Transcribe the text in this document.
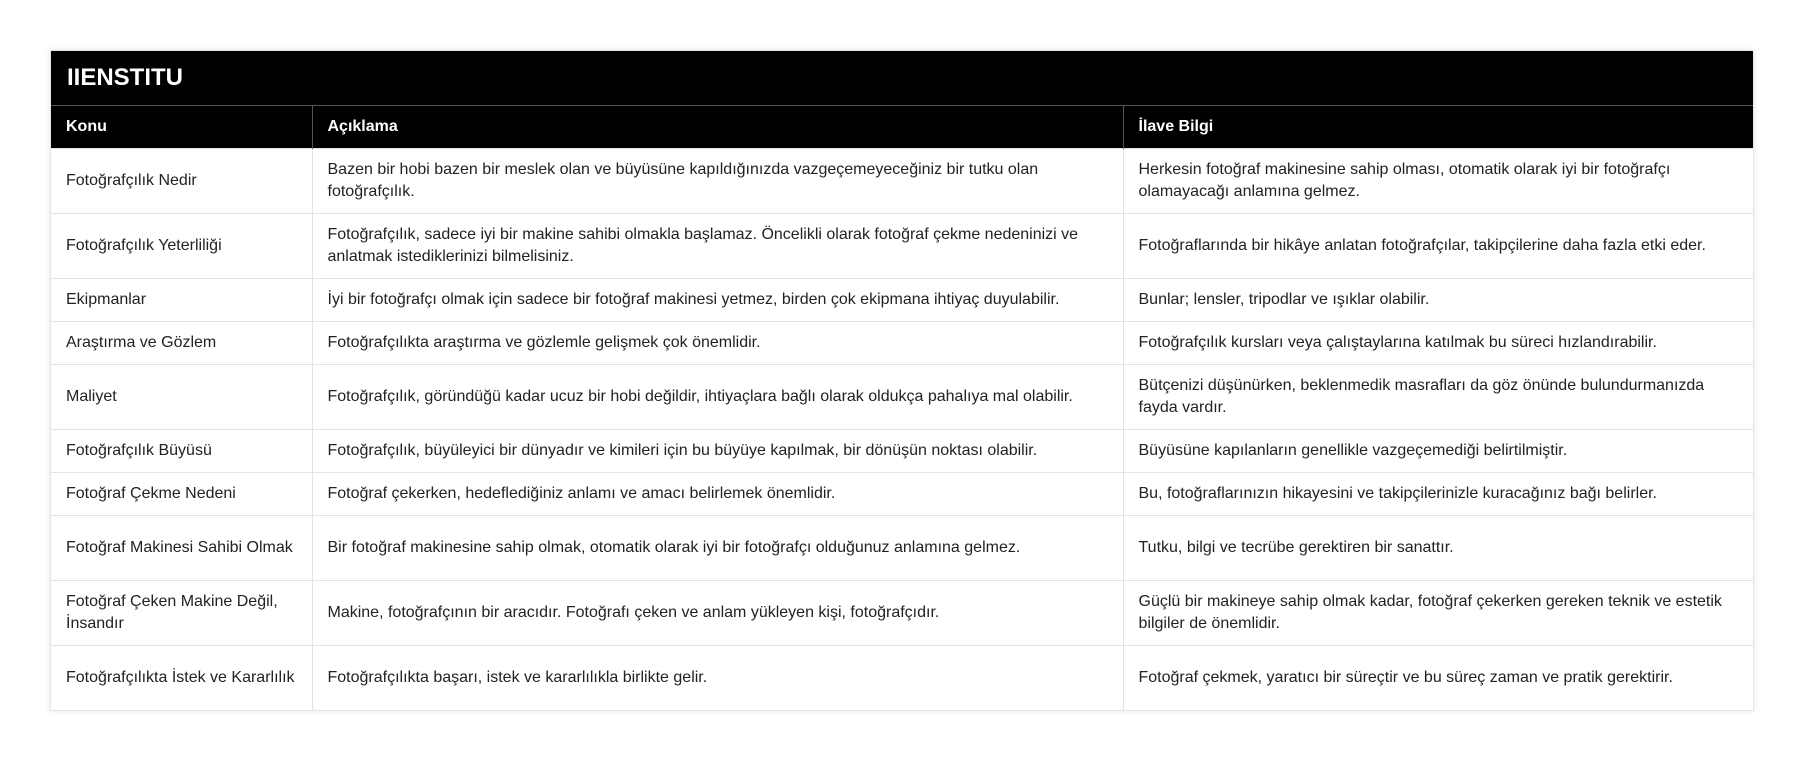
IIENSTITU
Konu	Açıklama	İlave Bilgi
Fotoğrafçılık Nedir	Bazen bir hobi bazen bir meslek olan ve büyüsüne kapıldığınızda vazgeçemeyeceğiniz bir tutku olan fotoğrafçılık.	Herkesin fotoğraf makinesine sahip olması, otomatik olarak iyi bir fotoğrafçı olamayacağı anlamına gelmez.
Fotoğrafçılık Yeterliliği	Fotoğrafçılık, sadece iyi bir makine sahibi olmakla başlamaz. Öncelikli olarak fotoğraf çekme nedeninizi ve anlatmak istediklerinizi bilmelisiniz.	Fotoğraflarında bir hikâye anlatan fotoğrafçılar, takipçilerine daha fazla etki eder.
Ekipmanlar	İyi bir fotoğrafçı olmak için sadece bir fotoğraf makinesi yetmez, birden çok ekipmana ihtiyaç duyulabilir.	Bunlar; lensler, tripodlar ve ışıklar olabilir.
Araştırma ve Gözlem	Fotoğrafçılıkta araştırma ve gözlemle gelişmek çok önemlidir.	Fotoğrafçılık kursları veya çalıştaylarına katılmak bu süreci hızlandırabilir.
Maliyet	Fotoğrafçılık, göründüğü kadar ucuz bir hobi değildir, ihtiyaçlara bağlı olarak oldukça pahalıya mal olabilir.	Bütçenizi düşünürken, beklenmedik masrafları da göz önünde bulundurmanızda fayda vardır.
Fotoğrafçılık Büyüsü	Fotoğrafçılık, büyüleyici bir dünyadır ve kimileri için bu büyüye kapılmak, bir dönüşün noktası olabilir.	Büyüsüne kapılanların genellikle vazgeçemediği belirtilmiştir.
Fotoğraf Çekme Nedeni	Fotoğraf çekerken, hedeflediğiniz anlamı ve amacı belirlemek önemlidir.	Bu, fotoğraflarınızın hikayesini ve takipçilerinizle kuracağınız bağı belirler.
Fotoğraf Makinesi Sahibi Olmak	Bir fotoğraf makinesine sahip olmak, otomatik olarak iyi bir fotoğrafçı olduğunuz anlamına gelmez.	Tutku, bilgi ve tecrübe gerektiren bir sanattır.
Fotoğraf Çeken Makine Değil, İnsandır	Makine, fotoğrafçının bir aracıdır. Fotoğrafı çeken ve anlam yükleyen kişi, fotoğrafçıdır.	Güçlü bir makineye sahip olmak kadar, fotoğraf çekerken gereken teknik ve estetik bilgiler de önemlidir.
Fotoğrafçılıkta İstek ve Kararlılık	Fotoğrafçılıkta başarı, istek ve kararlılıkla birlikte gelir.	Fotoğraf çekmek, yaratıcı bir süreçtir ve bu süreç zaman ve pratik gerektirir.
